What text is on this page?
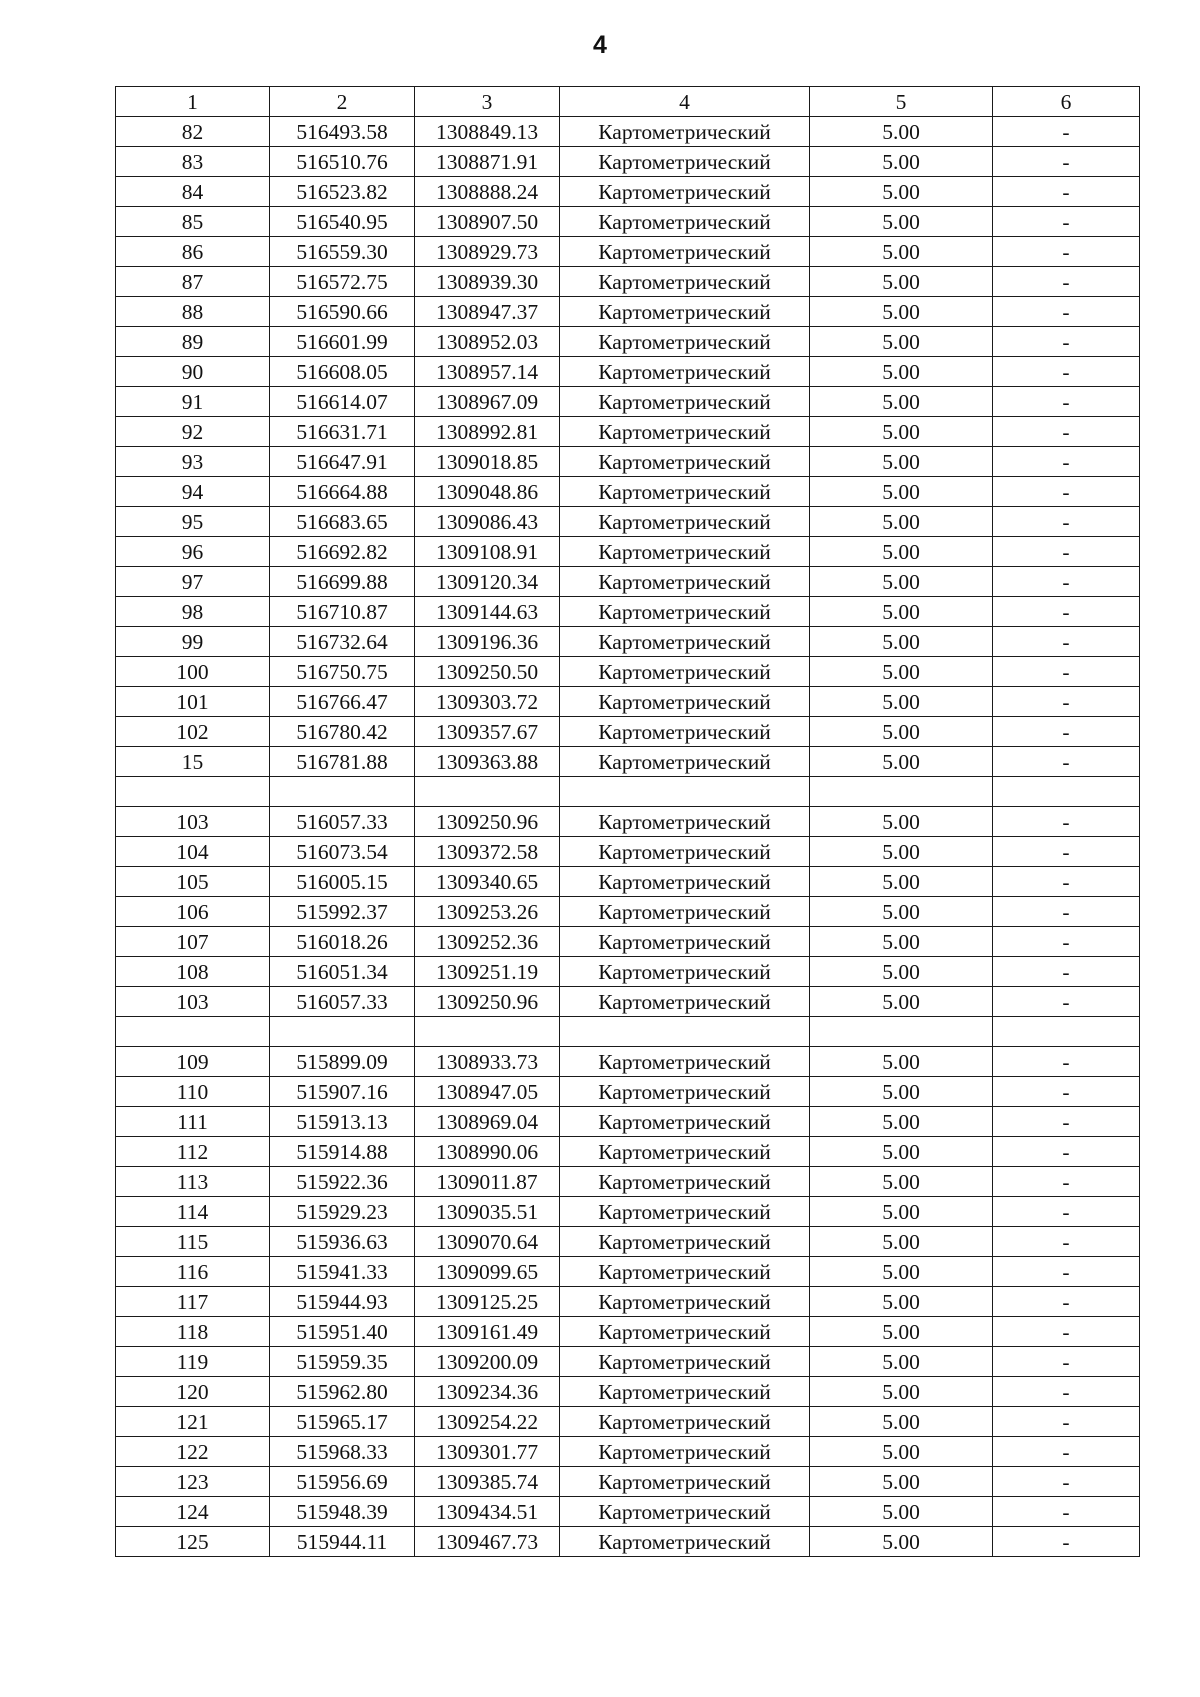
4
1	2	3	4	5	6
82	516493.58	1308849.13	Картометрический	5.00	-
83	516510.76	1308871.91	Картометрический	5.00	-
84	516523.82	1308888.24	Картометрический	5.00	-
85	516540.95	1308907.50	Картометрический	5.00	-
86	516559.30	1308929.73	Картометрический	5.00	-
87	516572.75	1308939.30	Картометрический	5.00	-
88	516590.66	1308947.37	Картометрический	5.00	-
89	516601.99	1308952.03	Картометрический	5.00	-
90	516608.05	1308957.14	Картометрический	5.00	-
91	516614.07	1308967.09	Картометрический	5.00	-
92	516631.71	1308992.81	Картометрический	5.00	-
93	516647.91	1309018.85	Картометрический	5.00	-
94	516664.88	1309048.86	Картометрический	5.00	-
95	516683.65	1309086.43	Картометрический	5.00	-
96	516692.82	1309108.91	Картометрический	5.00	-
97	516699.88	1309120.34	Картометрический	5.00	-
98	516710.87	1309144.63	Картометрический	5.00	-
99	516732.64	1309196.36	Картометрический	5.00	-
100	516750.75	1309250.50	Картометрический	5.00	-
101	516766.47	1309303.72	Картометрический	5.00	-
102	516780.42	1309357.67	Картометрический	5.00	-
15	516781.88	1309363.88	Картометрический	5.00	-

103	516057.33	1309250.96	Картометрический	5.00	-
104	516073.54	1309372.58	Картометрический	5.00	-
105	516005.15	1309340.65	Картометрический	5.00	-
106	515992.37	1309253.26	Картометрический	5.00	-
107	516018.26	1309252.36	Картометрический	5.00	-
108	516051.34	1309251.19	Картометрический	5.00	-
103	516057.33	1309250.96	Картометрический	5.00	-

109	515899.09	1308933.73	Картометрический	5.00	-
110	515907.16	1308947.05	Картометрический	5.00	-
111	515913.13	1308969.04	Картометрический	5.00	-
112	515914.88	1308990.06	Картометрический	5.00	-
113	515922.36	1309011.87	Картометрический	5.00	-
114	515929.23	1309035.51	Картометрический	5.00	-
115	515936.63	1309070.64	Картометрический	5.00	-
116	515941.33	1309099.65	Картометрический	5.00	-
117	515944.93	1309125.25	Картометрический	5.00	-
118	515951.40	1309161.49	Картометрический	5.00	-
119	515959.35	1309200.09	Картометрический	5.00	-
120	515962.80	1309234.36	Картометрический	5.00	-
121	515965.17	1309254.22	Картометрический	5.00	-
122	515968.33	1309301.77	Картометрический	5.00	-
123	515956.69	1309385.74	Картометрический	5.00	-
124	515948.39	1309434.51	Картометрический	5.00	-
125	515944.11	1309467.73	Картометрический	5.00	-
